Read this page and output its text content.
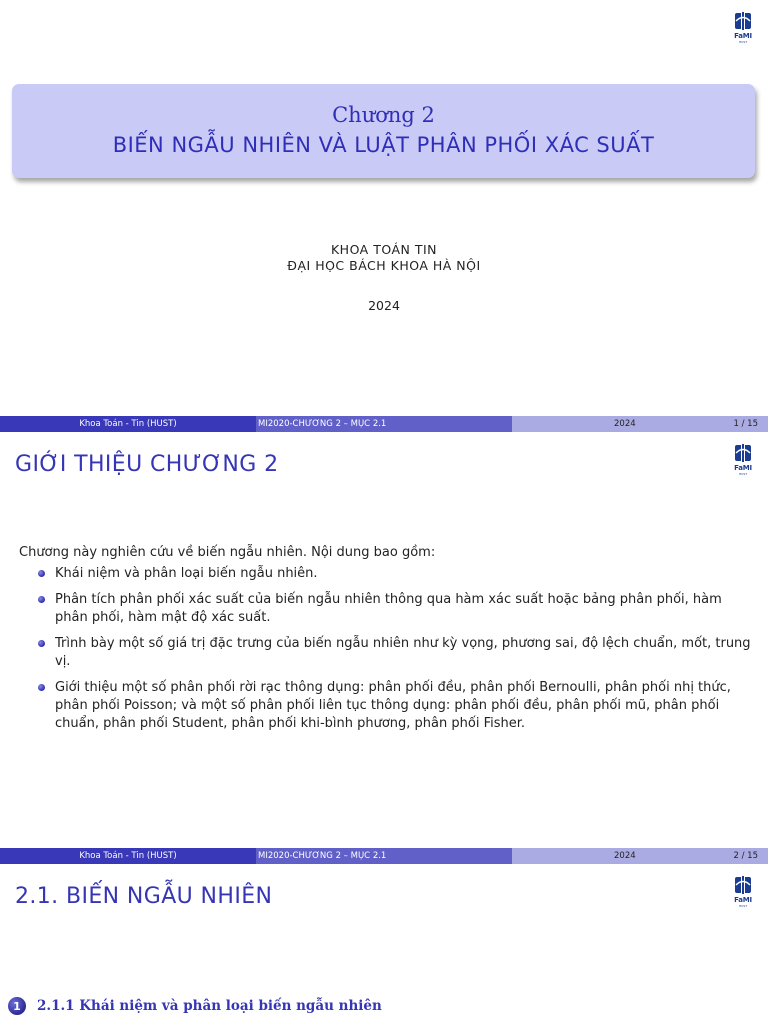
FaMI
HUST
Chương 2
BIẾN NGẪU NHIÊN VÀ LUẬT PHÂN PHỐI XÁC SUẤT
KHOA TOÁN TIN
ĐẠI HỌC BÁCH KHOA HÀ NỘI
2024
Khoa Toán - Tin (HUST)	MI2020-CHƯƠNG 2 – MỤC 2.1	2024	1 / 15
GIỚI THIỆU CHƯƠNG 2	FaMI
HUST
Chương này nghiên cứu về biến ngẫu nhiên. Nội dung bao gồm:
Khái niệm và phân loại biến ngẫu nhiên.
Phân tích phân phối xác suất của biến ngẫu nhiên thông qua hàm xác suất hoặc bảng phân phối, hàm phân phối, hàm mật độ xác suất.
Trình bày một số giá trị đặc trưng của biến ngẫu nhiên như kỳ vọng, phương sai, độ lệch chuẩn, mốt, trung vị.
Giới thiệu một số phân phối rời rạc thông dụng: phân phối đều, phân phối Bernoulli, phân phối nhị thức, phân phối Poisson; và một số phân phối liên tục thông dụng: phân phối đều, phân phối mũ, phân phối chuẩn, phân phối Student, phân phối khi-bình phương, phân phối Fisher.
Khoa Toán - Tin (HUST)	MI2020-CHƯƠNG 2 – MỤC 2.1	2024	2 / 15
2.1. BIẾN NGẪU NHIÊN	FaMI
HUST
1	2.1.1 Khái niệm và phân loại biến ngẫu nhiên
